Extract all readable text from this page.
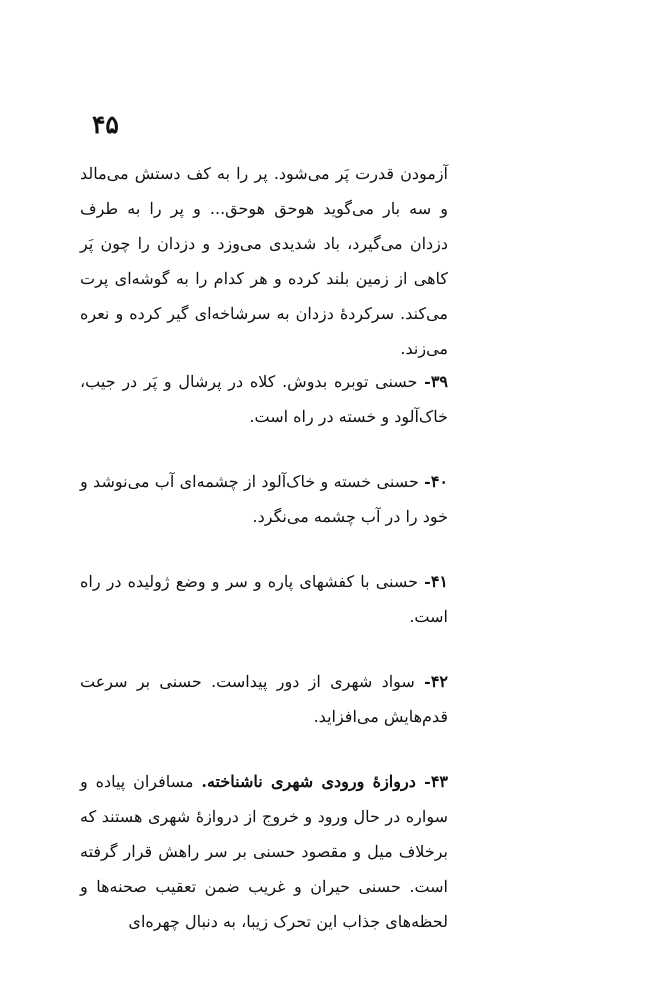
۴۵

آزمودن قدرت پَر می‌شود. پر را به کف دستش می‌مالد و سه بار می‌گوید هوحق هوحق... و پر را به طرف دزدان می‌گیرد، باد شدیدی می‌وزد و دزدان را چون پَر کاهی از زمین بلند کرده و هر کدام را به گوشه‌ای پرت می‌کند. سرکردهٔ دزدان به سرشاخه‌ای گیر کرده و نعره می‌زند.

۳۹- حسنی توبره بدوش. کلاه در پرشال و پَر در جیب، خاک‌آلود و خسته در راه است.

۴۰- حسنی خسته و خاک‌آلود از چشمه‌ای آب می‌نوشد و خود را در آب چشمه می‌نگرد.

۴۱- حسنی با کفشهای پاره و سر و وضع ژولیده در راه است.

۴۲- سواد شهری از دور پیداست. حسنی بر سرعت قدم‌هایش می‌افزاید.

۴۳- دروازهٔ ورودی شهری ناشناخته. مسافران پیاده و سواره در حال ورود و خروج از دروازهٔ شهری هستند که برخلاف میل و مقصود حسنی بر سر راهش قرار گرفته است. حسنی حیران و غریب ضمن تعقیب صحنه‌ها و لحظه‌های جذاب این تحرک زیبا، به دنبال چهره‌ای
